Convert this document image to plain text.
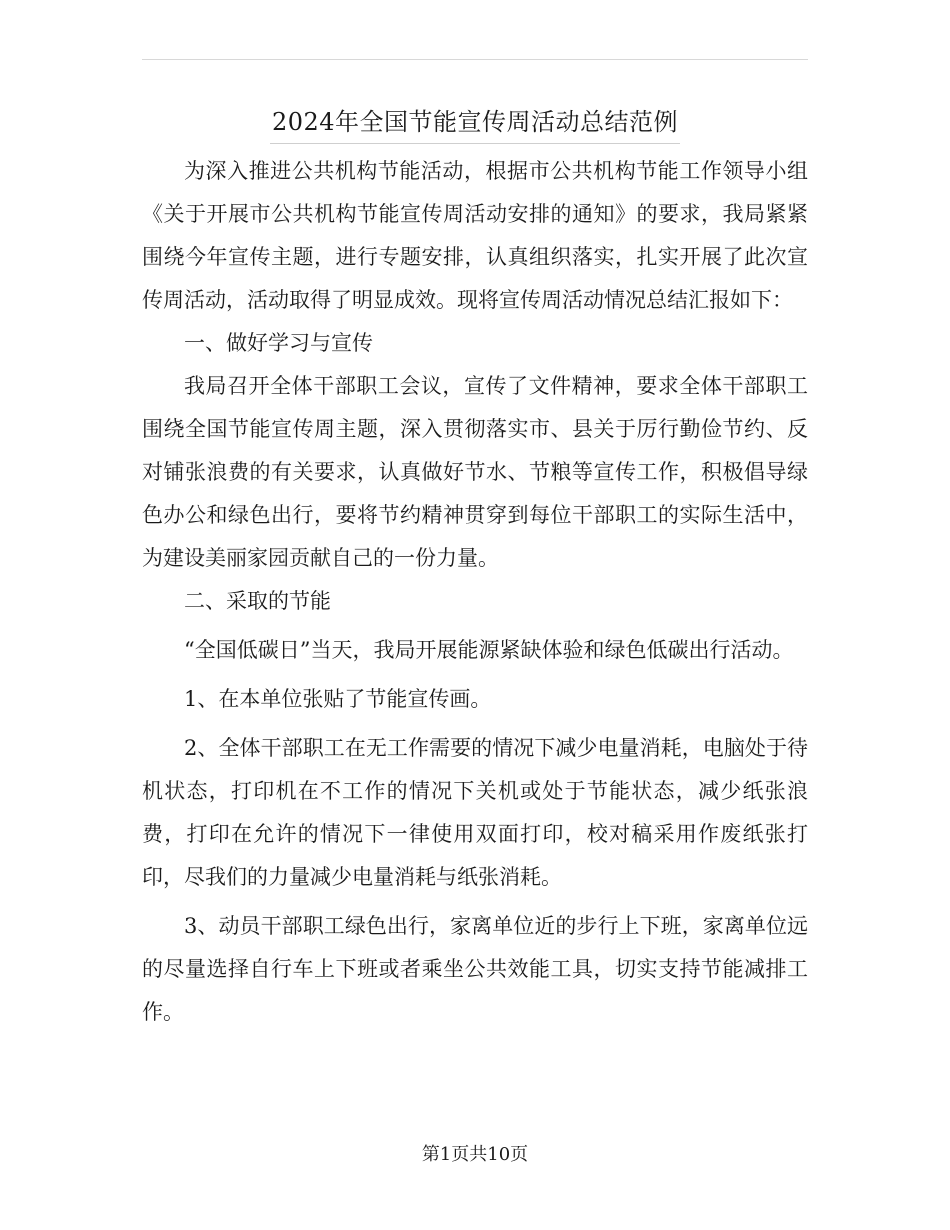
2024年全国节能宣传周活动总结范例

为深入推进公共机构节能活动，根据市公共机构节能工作领导小组《关于开展市公共机构节能宣传周活动安排的通知》的要求，我局紧紧围绕今年宣传主题，进行专题安排，认真组织落实，扎实开展了此次宣传周活动，活动取得了明显成效。现将宣传周活动情况总结汇报如下：

一、做好学习与宣传

我局召开全体干部职工会议，宣传了文件精神，要求全体干部职工围绕全国节能宣传周主题，深入贯彻落实市、县关于厉行勤俭节约、反对铺张浪费的有关要求，认真做好节水、节粮等宣传工作，积极倡导绿色办公和绿色出行，要将节约精神贯穿到每位干部职工的实际生活中，为建设美丽家园贡献自己的一份力量。

二、采取的节能

“全国低碳日”当天，我局开展能源紧缺体验和绿色低碳出行活动。

1、在本单位张贴了节能宣传画。

2、全体干部职工在无工作需要的情况下减少电量消耗，电脑处于待机状态，打印机在不工作的情况下关机或处于节能状态，减少纸张浪费，打印在允许的情况下一律使用双面打印，校对稿采用作废纸张打印，尽我们的力量减少电量消耗与纸张消耗。

3、动员干部职工绿色出行，家离单位近的步行上下班，家离单位远的尽量选择自行车上下班或者乘坐公共效能工具，切实支持节能减排工作。

第1页共10页
